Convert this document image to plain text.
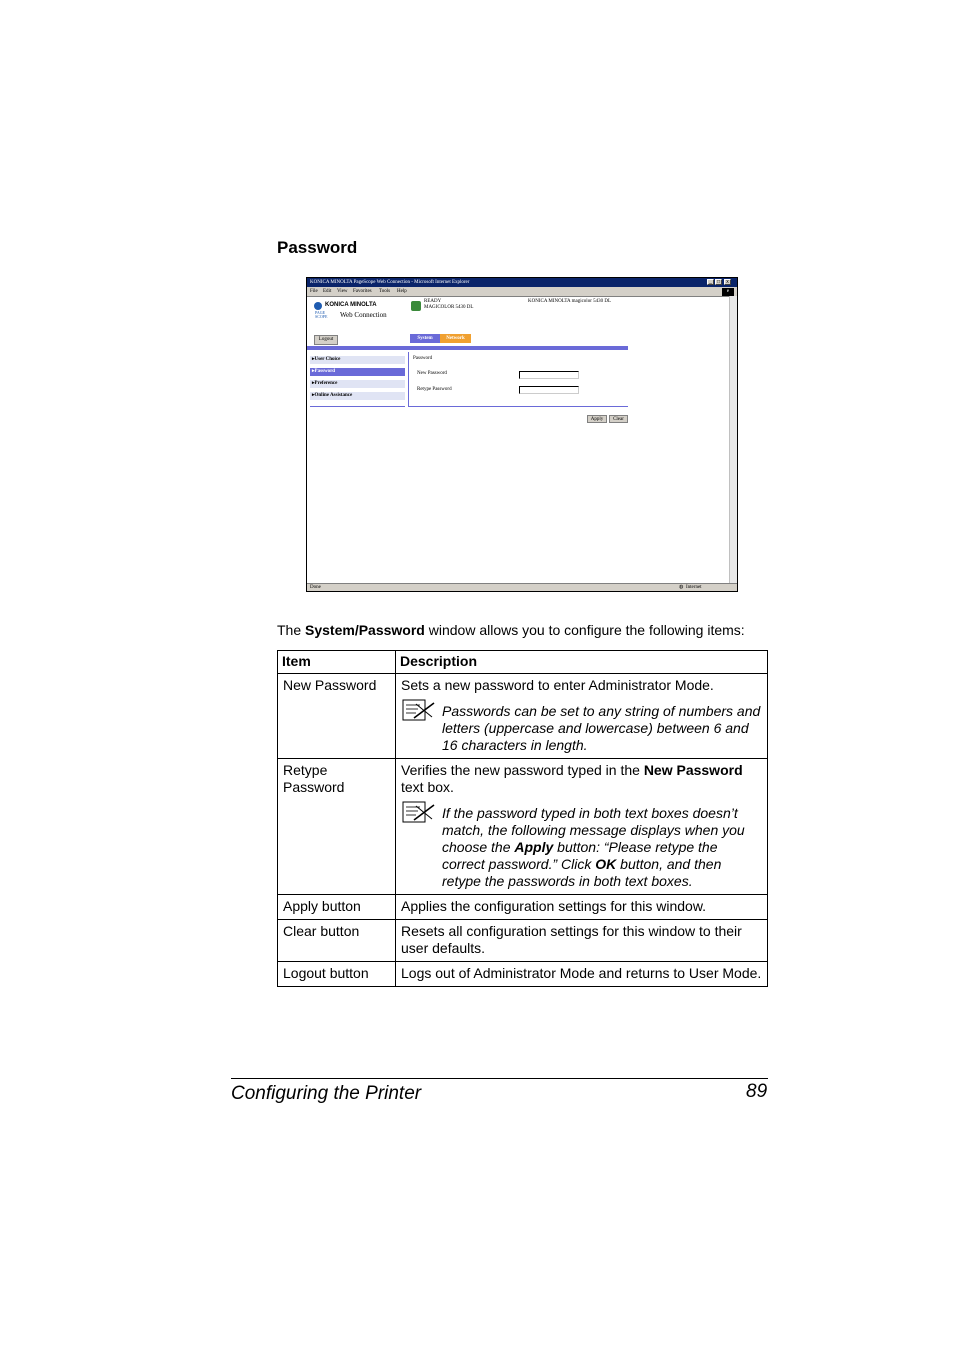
Password
KONICA MINOLTA PageScope Web Connection - Microsoft Internet Explorer	_	□	x
File Edit View Favorites Tools Help	e
KONICA MINOLTA
PAGE SCOPE	Web Connection
READY
MAGICOLOR 5430 DL
KONICA MINOLTA magicolor 5430 DL
Logout	System	Network
▸User Choice
▸Password
▸Preference
▸Online Assistance
Password
New Password
Retype Password
Apply	Clear
Done	◍ Internet
The System/Password window allows you to configure the following items:
Item	Description
New Password	Sets a new password to enter Administrator Mode.
Passwords can be set to any string of numbers and letters (uppercase and lowercase) between 6 and 16 characters in length.

Retype Password	Verifies the new password typed in the New Password text box.
If the password typed in both text boxes doesn’t match, the following message displays when you choose the Apply button: “Please retype the correct password.” Click OK button, and then retype the passwords in both text boxes.

Apply button	Applies the configuration settings for this window.
Clear button	Resets all configuration settings for this window to their user defaults.
Logout button	Logs out of Administrator Mode and returns to User Mode.
Configuring the Printer	89
